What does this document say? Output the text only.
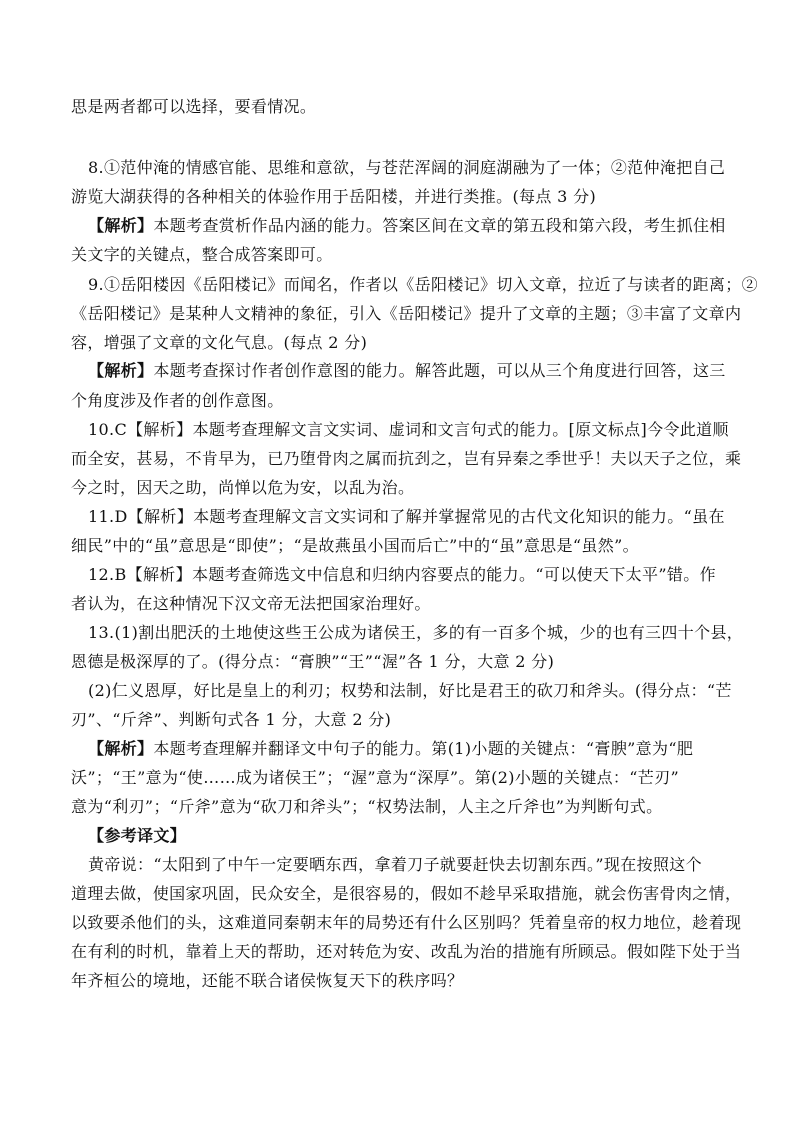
思是两者都可以选择，要看情况。
8.①范仲淹的情感官能、思维和意欲，与苍茫浑阔的洞庭湖融为了一体；②范仲淹把自己
游览大湖获得的各种相关的体验作用于岳阳楼，并进行类推。(每点 3 分)
【解析】本题考查赏析作品内涵的能力。答案区间在文章的第五段和第六段，考生抓住相
关文字的关键点，整合成答案即可。
9.①岳阳楼因《岳阳楼记》而闻名，作者以《岳阳楼记》切入文章，拉近了与读者的距离；②
《岳阳楼记》是某种人文精神的象征，引入《岳阳楼记》提升了文章的主题；③丰富了文章内
容，增强了文章的文化气息。(每点 2 分)
【解析】本题考查探讨作者创作意图的能力。解答此题，可以从三个角度进行回答，这三
个角度涉及作者的创作意图。
10.C【解析】本题考查理解文言文实词、虚词和文言句式的能力。[原文标点]今令此道顺
而全安，甚易，不肯早为，已乃堕骨肉之属而抗刭之，岂有异秦之季世乎！夫以天子之位，乘
今之时，因天之助，尚惮以危为安，以乱为治。
11.D【解析】本题考查理解文言文实词和了解并掌握常见的古代文化知识的能力。“虽在
细民”中的“虽”意思是“即使”；“是故燕虽小国而后亡”中的“虽”意思是“虽然”。
12.B【解析】本题考查筛选文中信息和归纳内容要点的能力。“可以使天下太平”错。作
者认为，在这种情况下汉文帝无法把国家治理好。
13.(1)割出肥沃的土地使这些王公成为诸侯王，多的有一百多个城，少的也有三四十个县，
恩德是极深厚的了。(得分点：“膏腴”“王”“渥”各 1 分，大意 2 分)
(2)仁义恩厚，好比是皇上的利刃；权势和法制，好比是君王的砍刀和斧头。(得分点：“芒
刃”、“斤斧”、判断句式各 1 分，大意 2 分)
【解析】本题考查理解并翻译文中句子的能力。第(1)小题的关键点：“膏腴”意为“肥
沃”；“王”意为“使……成为诸侯王”；“渥”意为“深厚”。第(2)小题的关键点：“芒刃”
意为“利刃”；“斤斧”意为“砍刀和斧头”；“权势法制，人主之斤斧也”为判断句式。
【参考译文】
黄帝说：“太阳到了中午一定要晒东西，拿着刀子就要赶快去切割东西。”现在按照这个
道理去做，使国家巩固，民众安全，是很容易的，假如不趁早采取措施，就会伤害骨肉之情，
以致要杀他们的头，这难道同秦朝末年的局势还有什么区别吗？凭着皇帝的权力地位，趁着现
在有利的时机，靠着上天的帮助，还对转危为安、改乱为治的措施有所顾忌。假如陛下处于当
年齐桓公的境地，还能不联合诸侯恢复天下的秩序吗？
